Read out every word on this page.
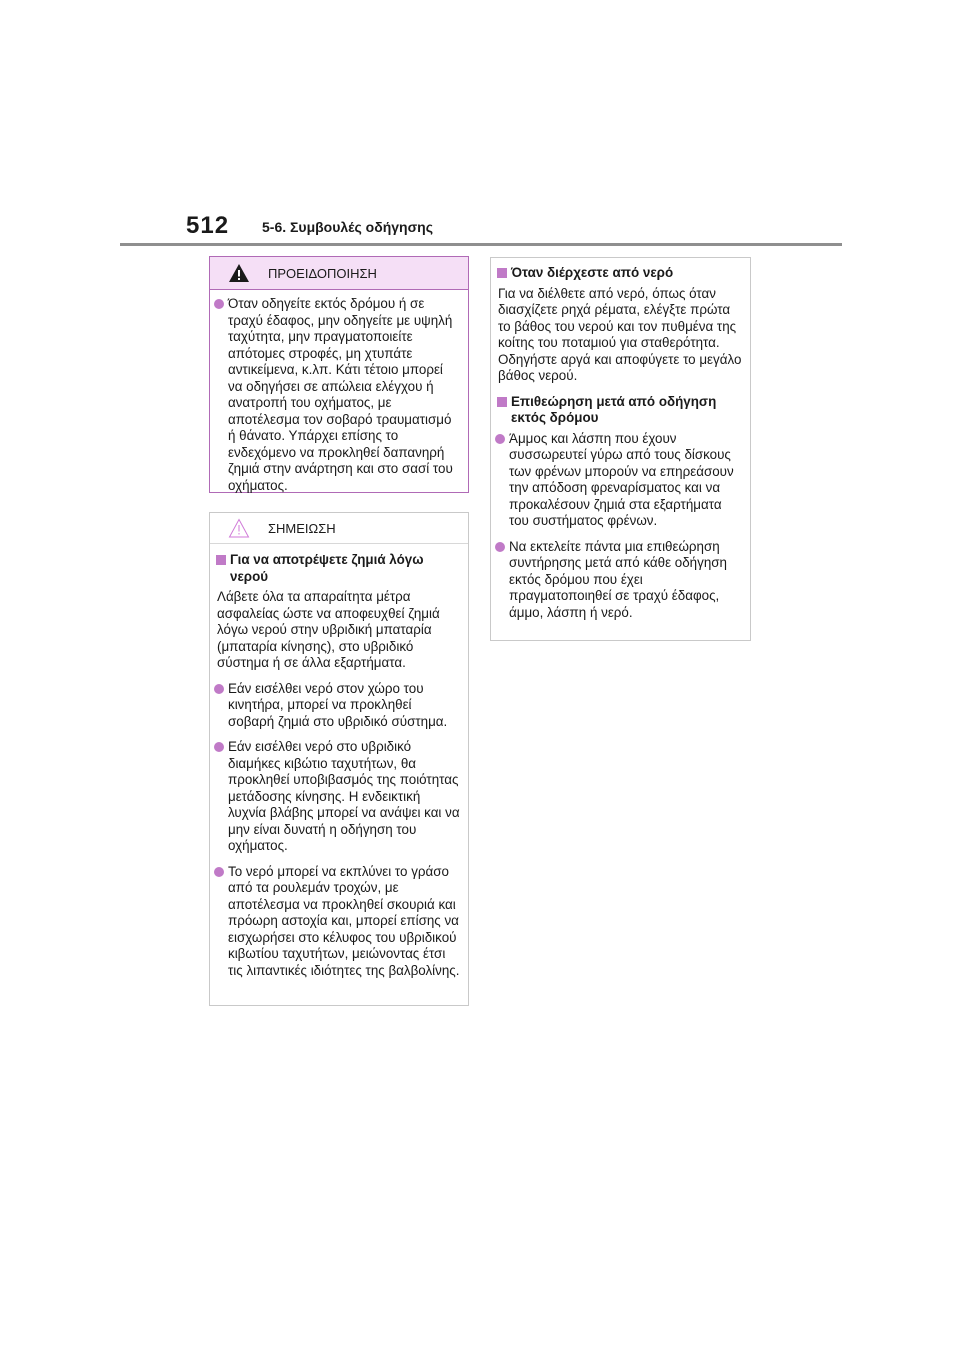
512 5-6. Συμβουλές οδήγησης
ΠΡΟΕΙΔΟΠΟΙΗΣΗ
Όταν οδηγείτε εκτός δρόμου ή σε τραχύ έδαφος, μην οδηγείτε με υψηλή ταχύτητα, μην πραγματοποιείτε απότομες στροφές, μη χτυπάτε αντικείμενα, κ.λπ. Κάτι τέτοιο μπορεί να οδηγήσει σε απώλεια ελέγχου ή ανατροπή του οχήματος, με αποτέλεσμα τον σοβαρό τραυματισμό ή θάνατο. Υπάρχει επίσης το ενδεχόμενο να προκληθεί δαπανηρή ζημιά στην ανάρτηση και στο σασί του οχήματος.
ΣΗΜΕΙΩΣΗ
Για να αποτρέψετε ζημιά λόγω νερού
Λάβετε όλα τα απαραίτητα μέτρα ασφαλείας ώστε να αποφευχθεί ζημιά λόγω νερού στην υβριδική μπαταρία (μπαταρία κίνησης), στο υβριδικό σύστημα ή σε άλλα εξαρτήματα.
Εάν εισέλθει νερό στον χώρο του κινητήρα, μπορεί να προκληθεί σοβαρή ζημιά στο υβριδικό σύστημα.
Εάν εισέλθει νερό στο υβριδικό διαμήκες κιβώτιο ταχυτήτων, θα προκληθεί υποβιβασμός της ποιότητας μετάδοσης κίνησης. Η ενδεικτική λυχνία βλάβης μπορεί να ανάψει και να μην είναι δυνατή η οδήγηση του οχήματος.
Το νερό μπορεί να εκπλύνει το γράσο από τα ρουλεμάν τροχών, με αποτέλεσμα να προκληθεί σκουριά και πρόωρη αστοχία και, μπορεί επίσης να εισχωρήσει στο κέλυφος του υβριδικού κιβωτίου ταχυτήτων, μειώνοντας έτσι τις λιπαντικές ιδιότητες της βαλβολίνης.
Όταν διέρχεστε από νερό
Για να διέλθετε από νερό, όπως όταν διασχίζετε ρηχά ρέματα, ελέγξτε πρώτα το βάθος του νερού και τον πυθμένα της κοίτης του ποταμιού για σταθερότητα. Οδηγήστε αργά και αποφύγετε το μεγάλο βάθος νερού.
Επιθεώρηση μετά από οδήγηση εκτός δρόμου
Άμμος και λάσπη που έχουν συσσωρευτεί γύρω από τους δίσκους των φρένων μπορούν να επηρεάσουν την απόδοση φρεναρίσματος και να προκαλέσουν ζημιά στα εξαρτήματα του συστήματος φρένων.
Να εκτελείτε πάντα μια επιθεώρηση συντήρησης μετά από κάθε οδήγηση εκτός δρόμου που έχει πραγματοποιηθεί σε τραχύ έδαφος, άμμο, λάσπη ή νερό.
